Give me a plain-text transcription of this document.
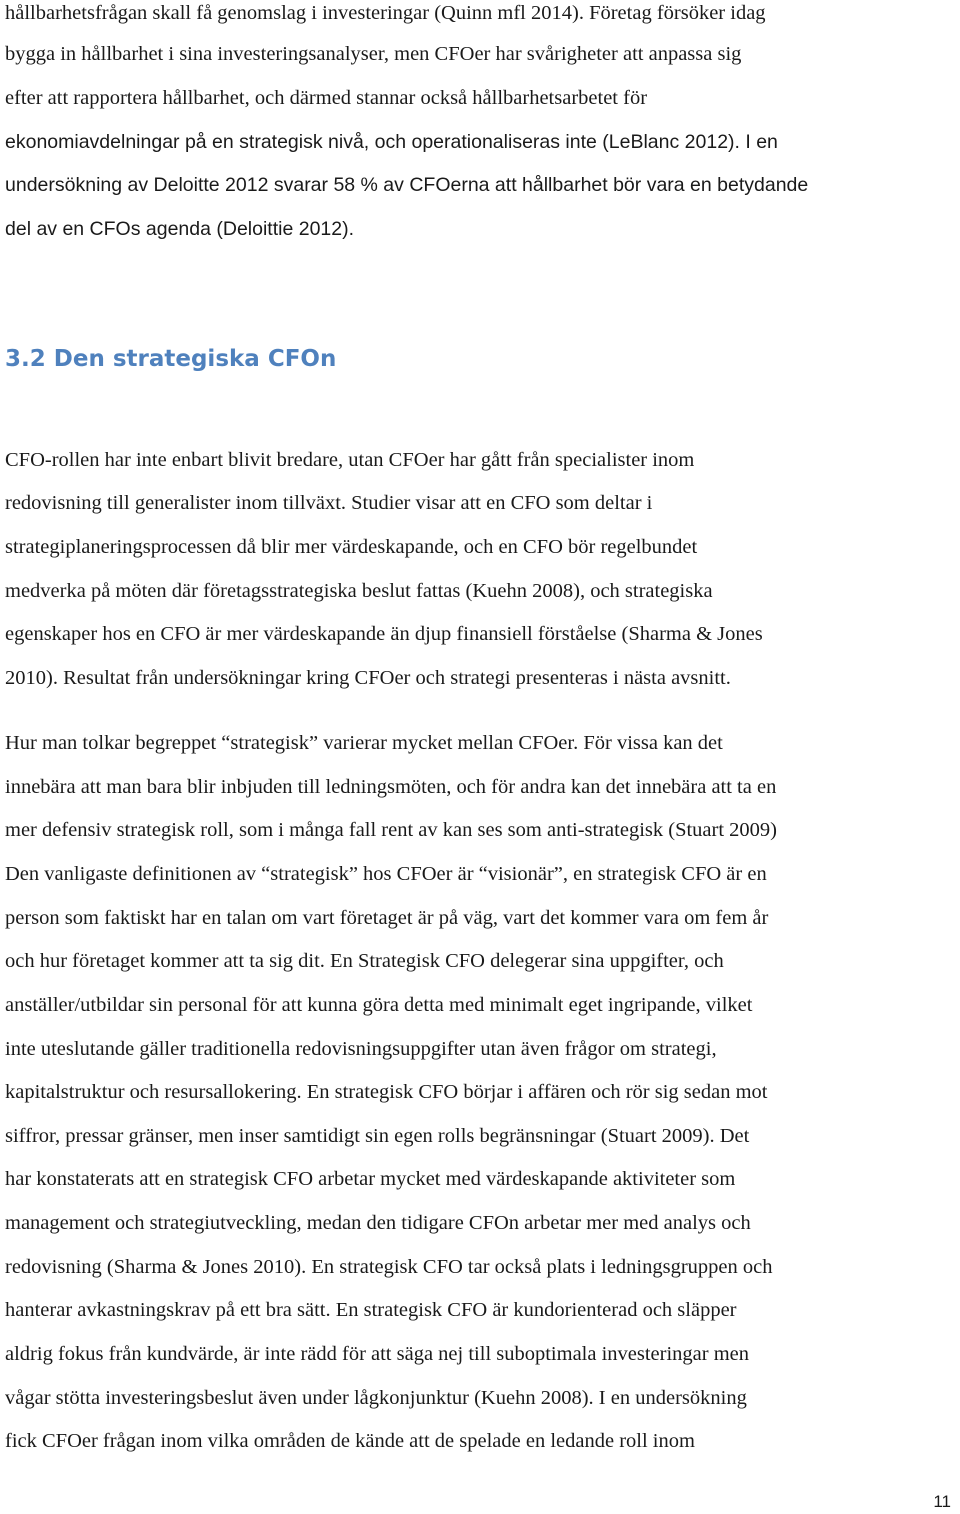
hållbarhetsfrågan skall få genomslag i investeringar (Quinn mfl 2014). Företag försöker idag
bygga in hållbarhet i sina investeringsanalyser, men CFOer har svårigheter att anpassa sig
efter att rapportera hållbarhet, och därmed stannar också hållbarhetsarbetet för
ekonomiavdelningar på en strategisk nivå, och operationaliseras inte (LeBlanc 2012). I en
undersökning av Deloitte 2012 svarar 58 % av CFOerna att hållbarhet bör vara en betydande
del av en CFOs agenda (Deloittie 2012).
3.2 Den strategiska CFOn
CFO-rollen har inte enbart blivit bredare, utan CFOer har gått från specialister inom
redovisning till generalister inom tillväxt. Studier visar att en CFO som deltar i
strategiplaneringsprocessen då blir mer värdeskapande, och en CFO bör regelbundet
medverka på möten där företagsstrategiska beslut fattas (Kuehn 2008), och strategiska
egenskaper hos en CFO är mer värdeskapande än djup finansiell förståelse (Sharma & Jones
2010). Resultat från undersökningar kring CFOer och strategi presenteras i nästa avsnitt.
Hur man tolkar begreppet “strategisk” varierar mycket mellan CFOer. För vissa kan det
innebära att man bara blir inbjuden till ledningsmöten, och för andra kan det innebära att ta en
mer defensiv strategisk roll, som i många fall rent av kan ses som anti-strategisk (Stuart 2009)
Den vanligaste definitionen av “strategisk” hos CFOer är “visionär”, en strategisk CFO är en
person som faktiskt har en talan om vart företaget är på väg, vart det kommer vara om fem år
och hur företaget kommer att ta sig dit. En Strategisk CFO delegerar sina uppgifter, och
anställer/utbildar sin personal för att kunna göra detta med minimalt eget ingripande, vilket
inte uteslutande gäller traditionella redovisningsuppgifter utan även frågor om strategi,
kapitalstruktur och resursallokering. En strategisk CFO börjar i affären och rör sig sedan mot
siffror, pressar gränser, men inser samtidigt sin egen rolls begränsningar (Stuart 2009). Det
har konstaterats att en strategisk CFO arbetar mycket med värdeskapande aktiviteter som
management och strategiutveckling, medan den tidigare CFOn arbetar mer med analys och
redovisning (Sharma & Jones 2010). En strategisk CFO tar också plats i ledningsgruppen och
hanterar avkastningskrav på ett bra sätt. En strategisk CFO är kundorienterad och släpper
aldrig fokus från kundvärde, är inte rädd för att säga nej till suboptimala investeringar men
vågar stötta investeringsbeslut även under lågkonjunktur (Kuehn 2008). I en undersökning
fick CFOer frågan inom vilka områden de kände att de spelade en ledande roll inom
11
